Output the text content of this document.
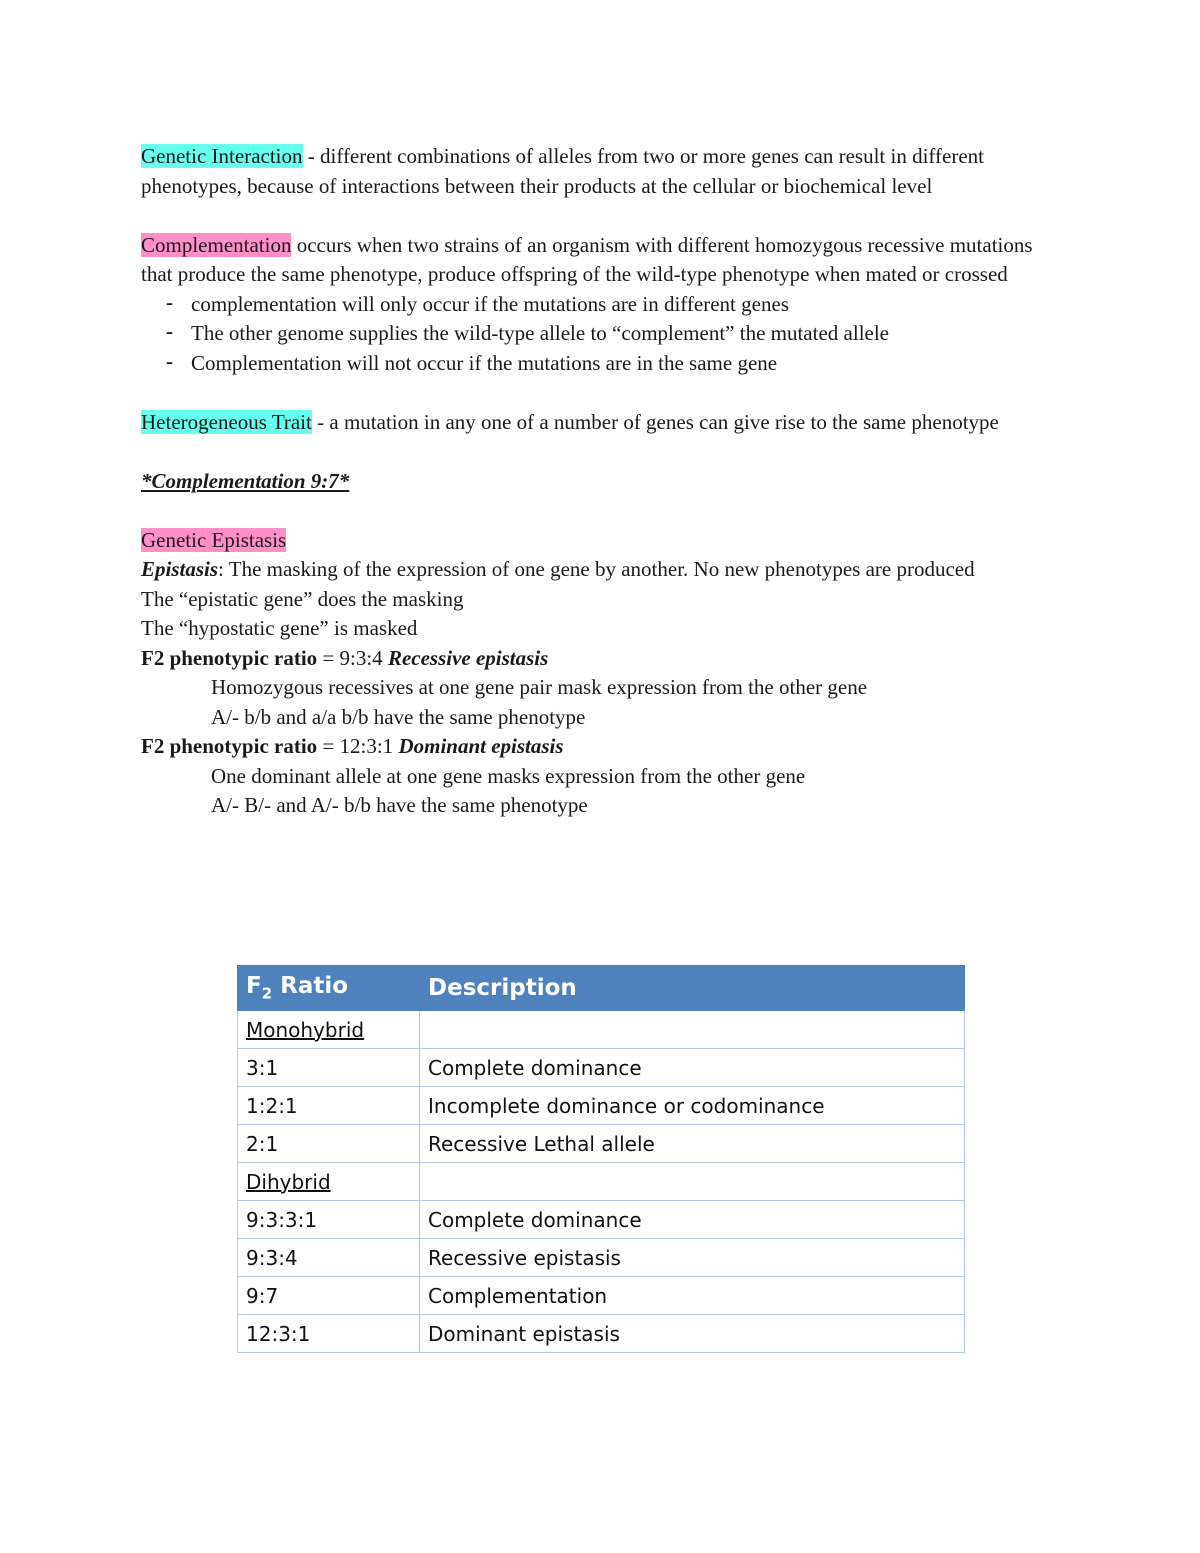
Genetic Interaction - different combinations of alleles from two or more genes can result in different phenotypes, because of interactions between their products at the cellular or biochemical level

Complementation occurs when two strains of an organism with different homozygous recessive mutations that produce the same phenotype, produce offspring of the wild-type phenotype when mated or crossed

- complementation will only occur if the mutations are in different genes
- The other genome supplies the wild-type allele to “complement” the mutated allele
- Complementation will not occur if the mutations are in the same gene

Heterogeneous Trait - a mutation in any one of a number of genes can give rise to the same phenotype

*Complementation 9:7*

Genetic Epistasis

Epistasis: The masking of the expression of one gene by another. No new phenotypes are produced

The “epistatic gene” does the masking

The “hypostatic gene” is masked

F2 phenotypic ratio = 9:3:4 Recessive epistasis

Homozygous recessives at one gene pair mask expression from the other gene

A/- b/b and a/a b/b have the same phenotype

F2 phenotypic ratio = 12:3:1 Dominant epistasis

One dominant allele at one gene masks expression from the other gene

A/- B/- and A/- b/b have the same phenotype

$F_2$ Ratio	Description
Monohybrid	
3:1	Complete dominance
1:2:1	Incomplete dominance or codominance
2:1	Recessive Lethal allele
Dihybrid	
9:3:3:1	Complete dominance
9:3:4	Recessive epistasis
9:7	Complementation
12:3:1	Dominant epistasis
